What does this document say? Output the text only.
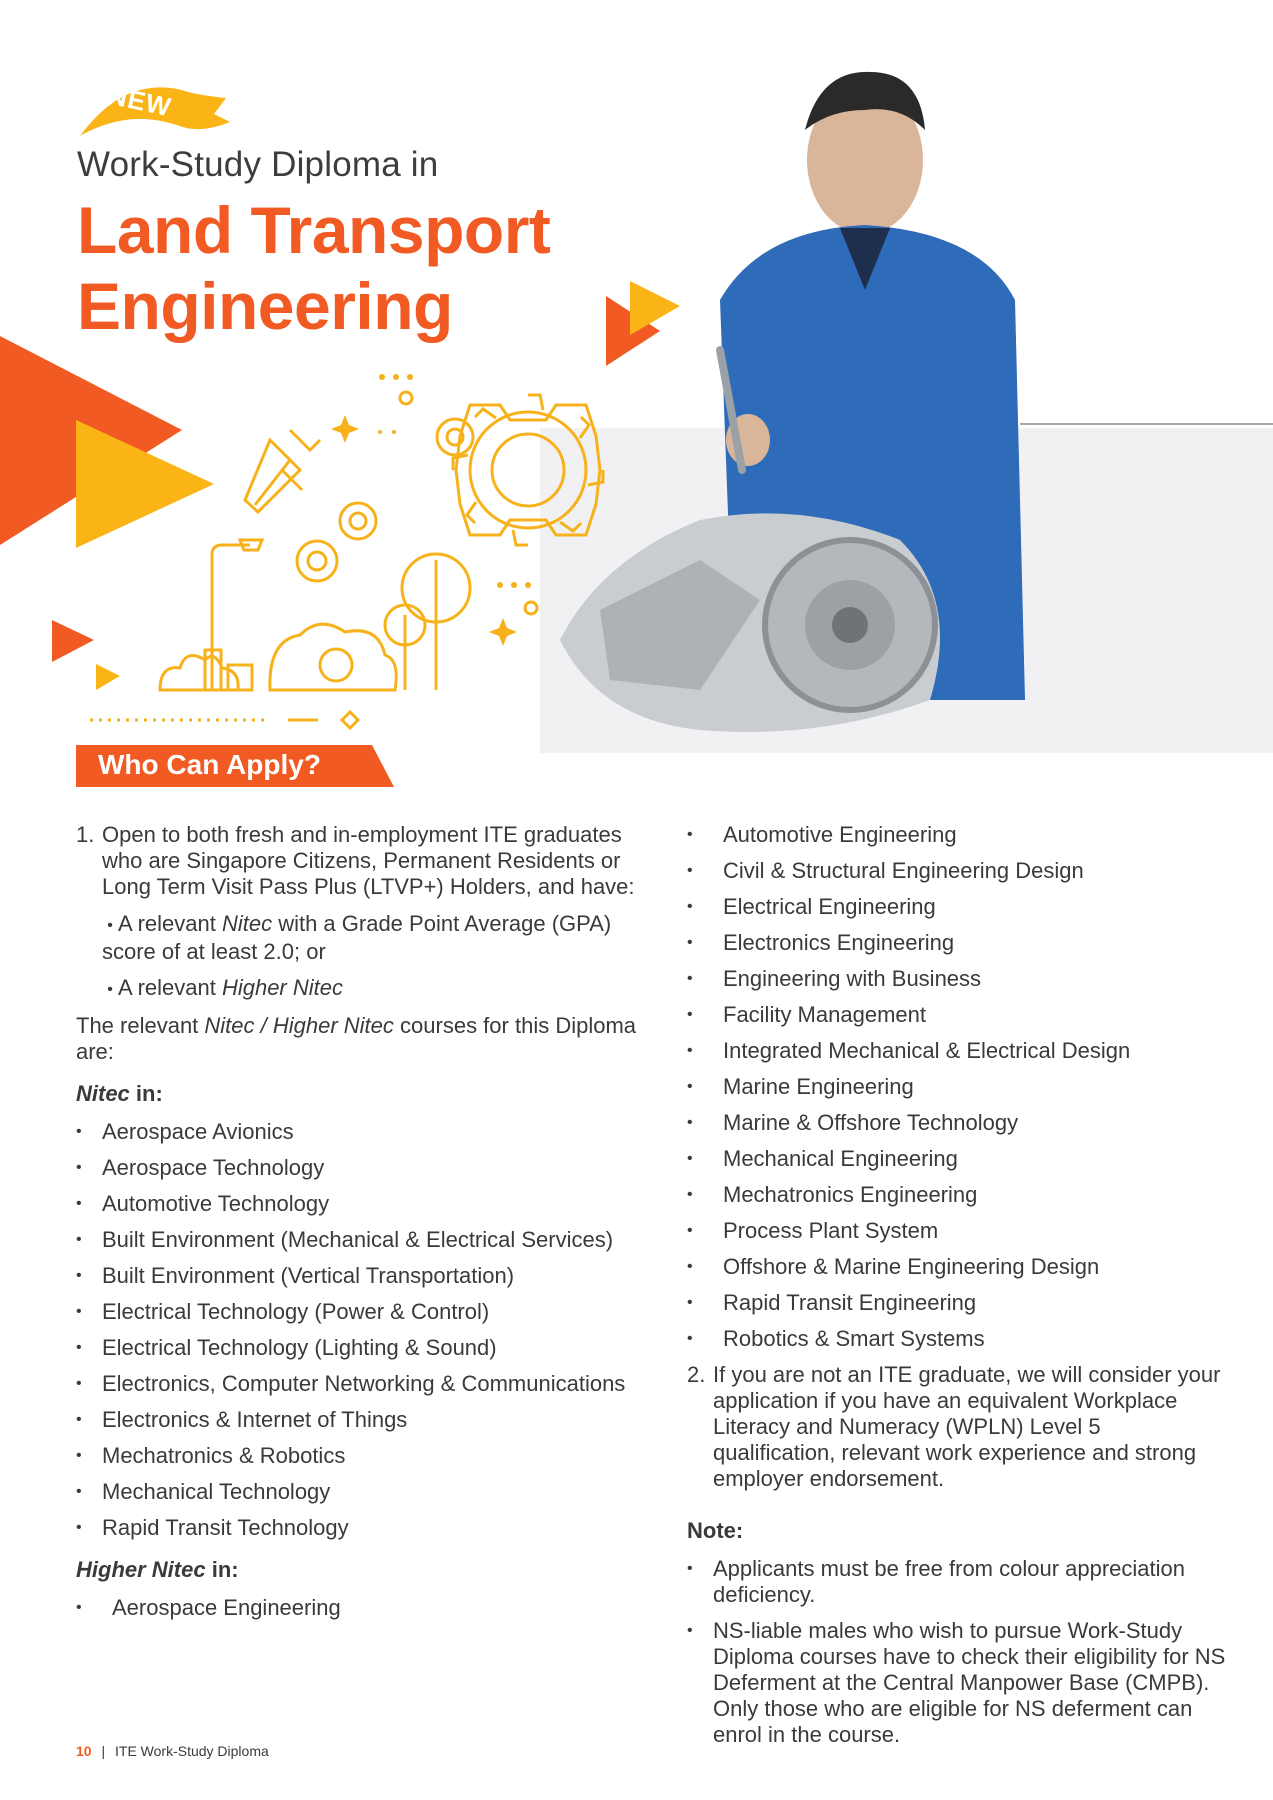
NEW
Work-Study Diploma in
Land Transport
Engineering
Who Can Apply?
1. Open to both fresh and in-employment ITE graduates who are Singapore Citizens, Permanent Residents or Long Term Visit Pass Plus (LTVP+) Holders, and have:
• A relevant Nitec with a Grade Point Average (GPA) score of at least 2.0; or
• A relevant Higher Nitec
The relevant Nitec / Higher Nitec courses for this Diploma are:
Nitec in:
• Aerospace Avionics
• Aerospace Technology
• Automotive Technology
• Built Environment (Mechanical & Electrical Services)
• Built Environment (Vertical Transportation)
• Electrical Technology (Power & Control)
• Electrical Technology (Lighting & Sound)
• Electronics, Computer Networking & Communications
• Electronics & Internet of Things
• Mechatronics & Robotics
• Mechanical Technology
• Rapid Transit Technology
Higher Nitec in:
• Aerospace Engineering
• Automotive Engineering
• Civil & Structural Engineering Design
• Electrical Engineering
• Electronics Engineering
• Engineering with Business
• Facility Management
• Integrated Mechanical & Electrical Design
• Marine Engineering
• Marine & Offshore Technology
• Mechanical Engineering
• Mechatronics Engineering
• Process Plant System
• Offshore & Marine Engineering Design
• Rapid Transit Engineering
• Robotics & Smart Systems
2. If you are not an ITE graduate, we will consider your application if you have an equivalent Workplace Literacy and Numeracy (WPLN) Level 5 qualification, relevant work experience and strong employer endorsement.
Note:
• Applicants must be free from colour appreciation deficiency.
• NS-liable males who wish to pursue Work-Study Diploma courses have to check their eligibility for NS Deferment at the Central Manpower Base (CMPB). Only those who are eligible for NS deferment can enrol in the course.
10 | ITE Work-Study Diploma
